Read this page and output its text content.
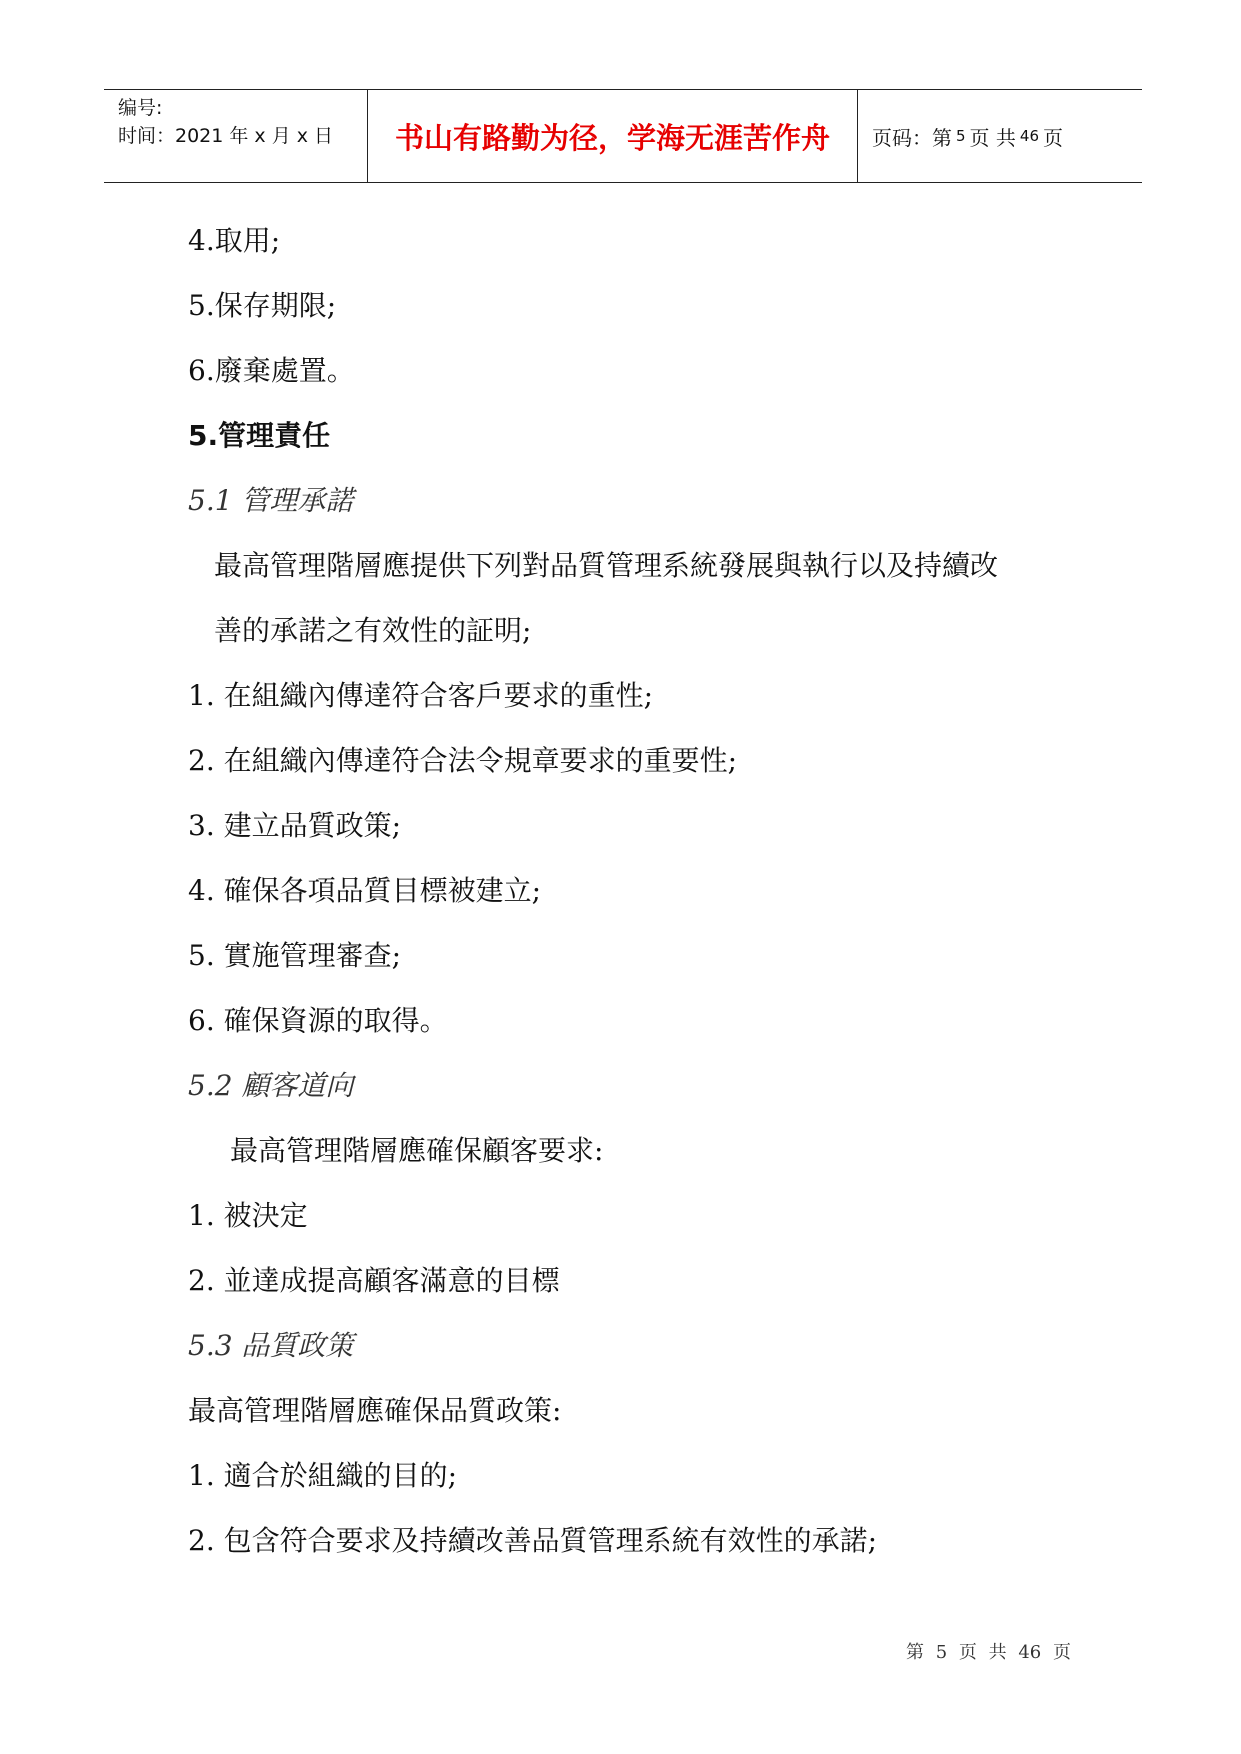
编号:
时间：2021 年 x 月 x 日	书山有路勤为径，学海无涯苦作舟	页码：第 5 页 共 46 页
4.取用;
5.保存期限;
6.廢棄處置。
5.管理責任
5.1 管理承諾
最高管理階層應提供下列對品質管理系統發展與執行以及持續改
善的承諾之有效性的証明;
1. 在組織內傳達符合客戶要求的重性;
2. 在組織內傳達符合法令規章要求的重要性;
3. 建立品質政策;
4. 確保各項品質目標被建立;
5. 實施管理審查;
6. 確保資源的取得。
5.2 顧客道向
最高管理階層應確保顧客要求:
1. 被決定
2. 並達成提高顧客滿意的目標
5.3 品質政策
最高管理階層應確保品質政策:
1. 適合於組織的目的;
2. 包含符合要求及持續改善品質管理系統有效性的承諾;
第 5 页 共 46 页
